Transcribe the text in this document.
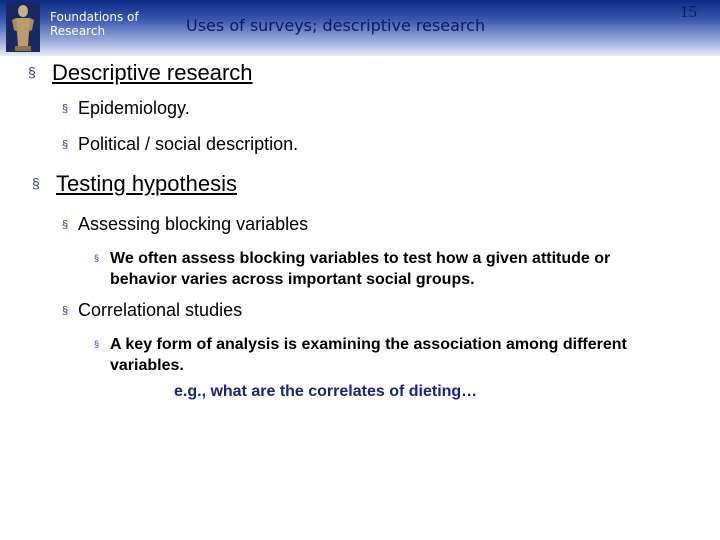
Foundations of
Research	Uses of surveys; descriptive research
15
§ Descriptive research
§ Epidemiology.
§ Political / social description.
§ Testing hypothesis
§ Assessing blocking variables
§ We often assess blocking variables to test how a given attitude or
behavior varies across important social groups.
§ Correlational studies
§ A key form of analysis is examining the association among different
variables.
e.g., what are the correlates of dieting…
